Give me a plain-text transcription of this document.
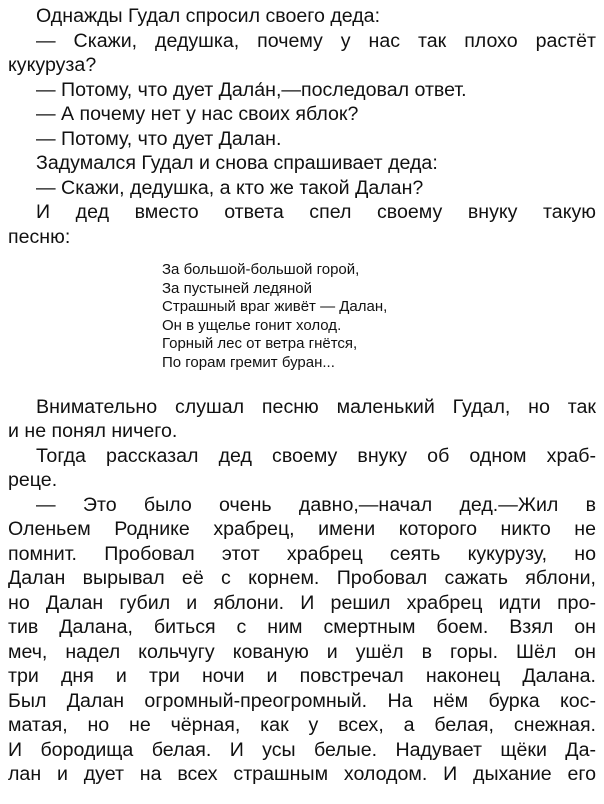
Однажды Гудал спросил своего деда:
— Скажи, дедушка, почему у нас так плохо растёт
кукуруза?
— Потому, что дует Дала́н,—последовал ответ.
— А почему нет у нас своих яблок?
— Потому, что дует Далан.
Задумался Гудал и снова спрашивает деда:
— Скажи, дедушка, а кто же такой Далан?
И дед вместо ответа спел своему внуку такую
песню:
За большой-большой горой,
За пустыней ледяной
Страшный враг живёт — Далан,
Он в ущелье гонит холод.
Горный лес от ветра гнётся,
По горам гремит буран...
Внимательно слушал песню маленький Гудал, но так
и не понял ничего.
Тогда рассказал дед своему внуку об одном храб-
реце.
— Это было очень давно,—начал дед.—Жил в
Оленьем Роднике храбрец, имени которого никто не
помнит. Пробовал этот храбрец сеять кукурузу, но
Далан вырывал её с корнем. Пробовал сажать яблони,
но Далан губил и яблони. И решил храбрец идти про-
тив Далана, биться с ним смертным боем. Взял он
меч, надел кольчугу кованую и ушёл в горы. Шёл он
три дня и три ночи и повстречал наконец Далана.
Был Далан огромный-преогромный. На нём бурка кос-
матая, но не чёрная, как у всех, а белая, снежная.
И бородища белая. И усы белые. Надувает щёки Да-
лан и дует на всех страшным холодом. И дыхание его
